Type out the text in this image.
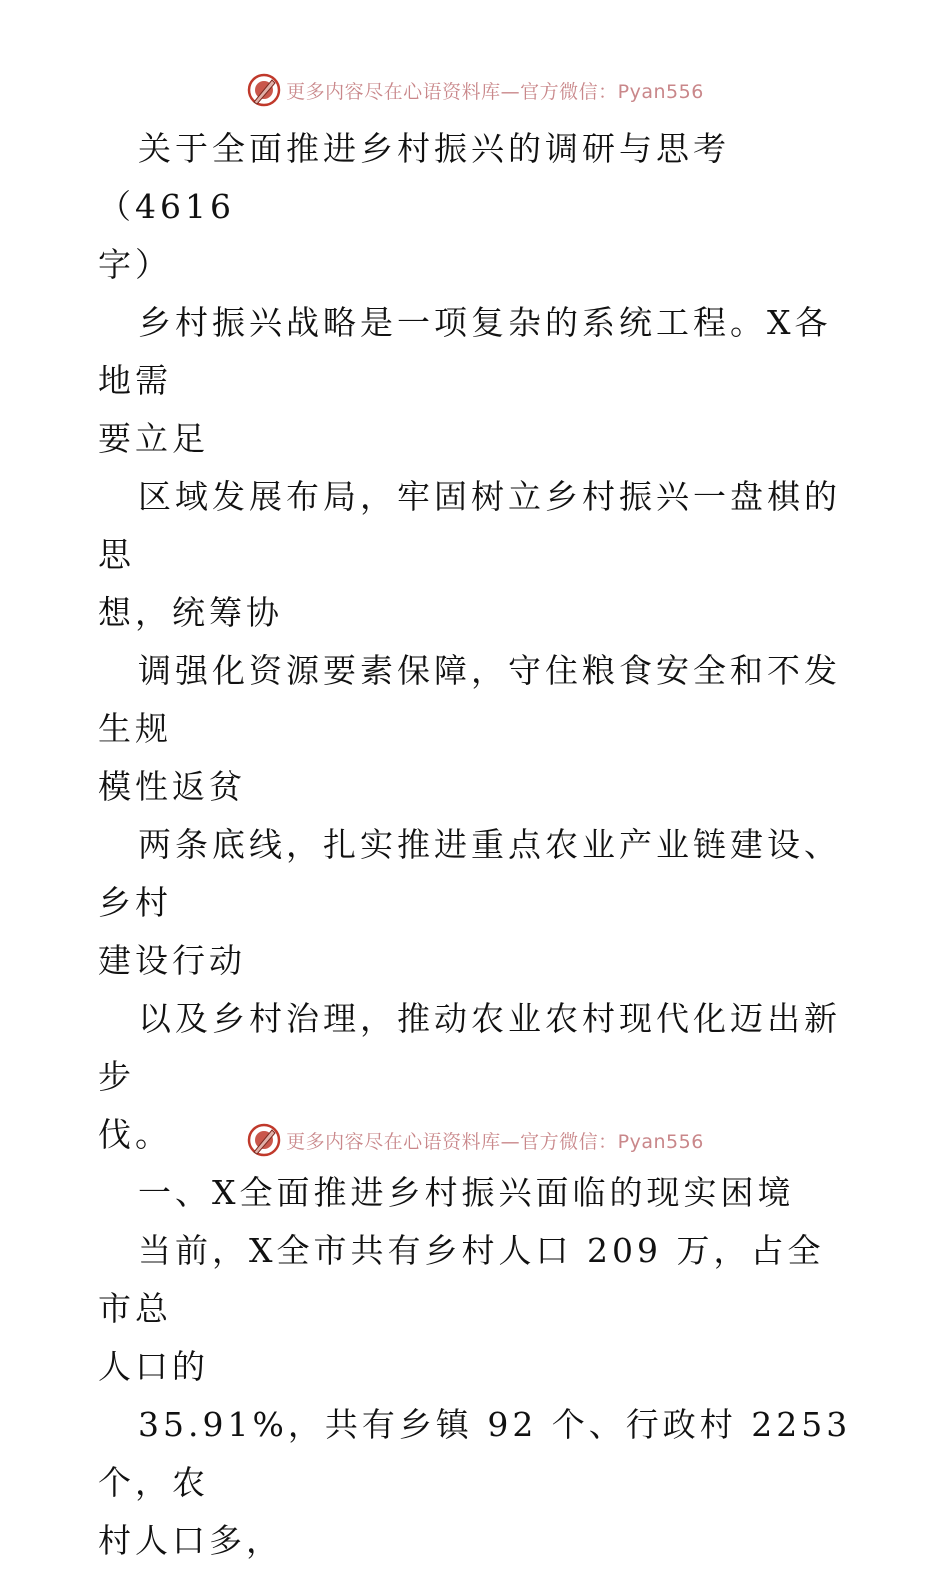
更多内容尽在心语资料库—官方微信：Pyan556

关于全面推进乡村振兴的调研与思考（4616

字）

乡村振兴战略是一项复杂的系统工程。X各地需

要立足

区域发展布局，牢固树立乡村振兴一盘棋的思

想，统筹协

调强化资源要素保障，守住粮食安全和不发生规

模性返贫

两条底线，扎实推进重点农业产业链建设、乡村

建设行动

以及乡村治理，推动农业农村现代化迈出新步

伐。

一、X全面推进乡村振兴面临的现实困境

当前，X全市共有乡村人口 209 万，占全市总

人口的

35.91%，共有乡镇 92 个、行政村 2253 个，农

村人口多，

更多内容尽在心语资料库—官方微信：Pyan556
